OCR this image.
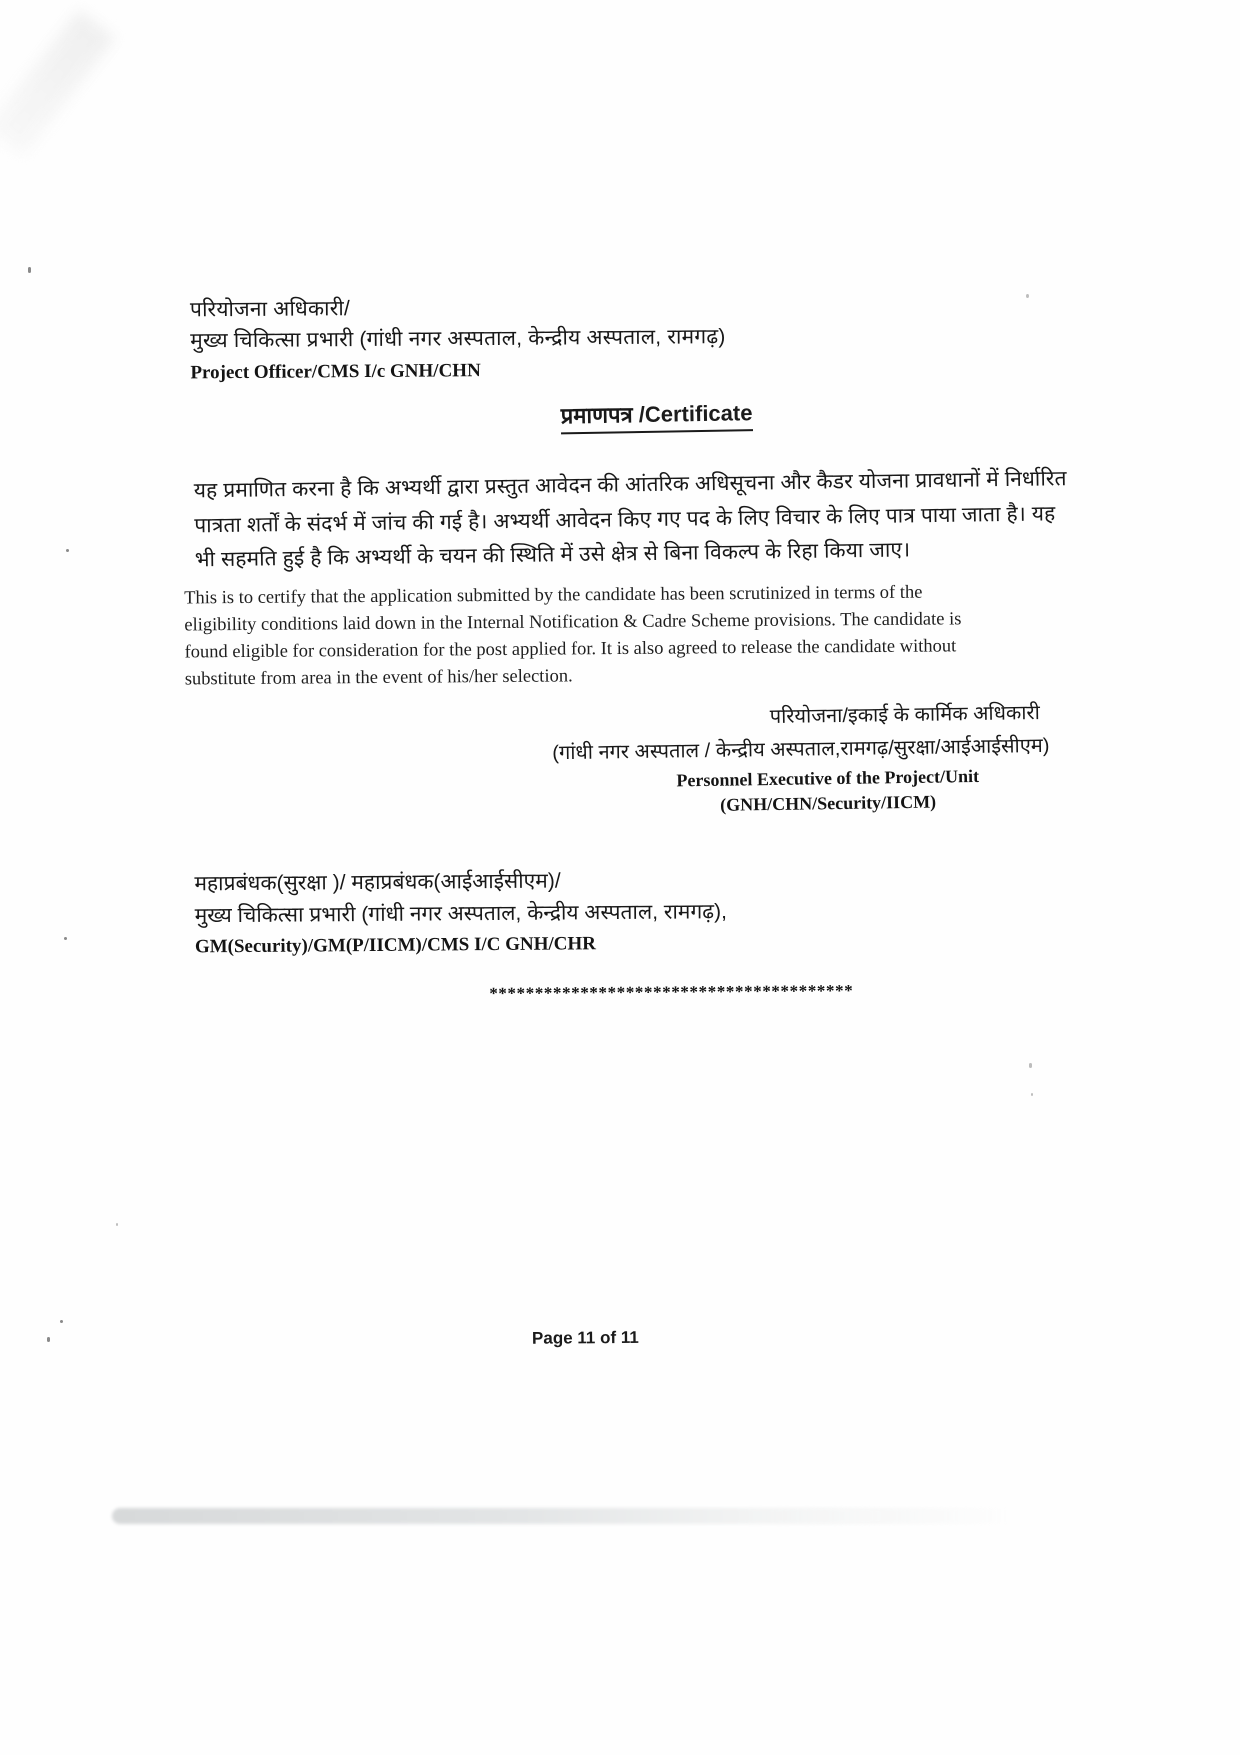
परियोजना अधिकारी/
मुख्य चिकित्सा प्रभारी (गांधी नगर अस्पताल, केन्द्रीय अस्पताल, रामगढ़)
Project Officer/CMS I/c GNH/CHN
प्रमाणपत्र /Certificate
यह प्रमाणित करना है कि अभ्यर्थी द्वारा प्रस्तुत आवेदन की आंतरिक अधिसूचना और कैडर योजना प्रावधानों में निर्धारित
पात्रता शर्तों के संदर्भ में जांच की गई है। अभ्यर्थी आवेदन किए गए पद के लिए विचार के लिए पात्र पाया जाता है। यह
भी सहमति हुई है कि अभ्यर्थी के चयन की स्थिति में उसे क्षेत्र से बिना विकल्प के रिहा किया जाए।
This is to certify that the application submitted by the candidate has been scrutinized in terms of the
eligibility conditions laid down in the Internal Notification & Cadre Scheme provisions. The candidate is
found eligible for consideration for the post applied for. It is also agreed to release the candidate without
substitute from area in the event of his/her selection.
परियोजना/इकाई के कार्मिक अधिकारी
(गांधी नगर अस्पताल / केन्द्रीय अस्पताल,रामगढ़/सुरक्षा/आईआईसीएम)
Personnel Executive of the Project/Unit
(GNH/CHN/Security/IICM)
महाप्रबंधक(सुरक्षा )/ महाप्रबंधक(आईआईसीएम)/
मुख्य चिकित्सा प्रभारी (गांधी नगर अस्पताल, केन्द्रीय अस्पताल, रामगढ़),
GM(Security)/GM(P/IICM)/CMS I/C GNH/CHR
****************************************
Page 11 of 11
